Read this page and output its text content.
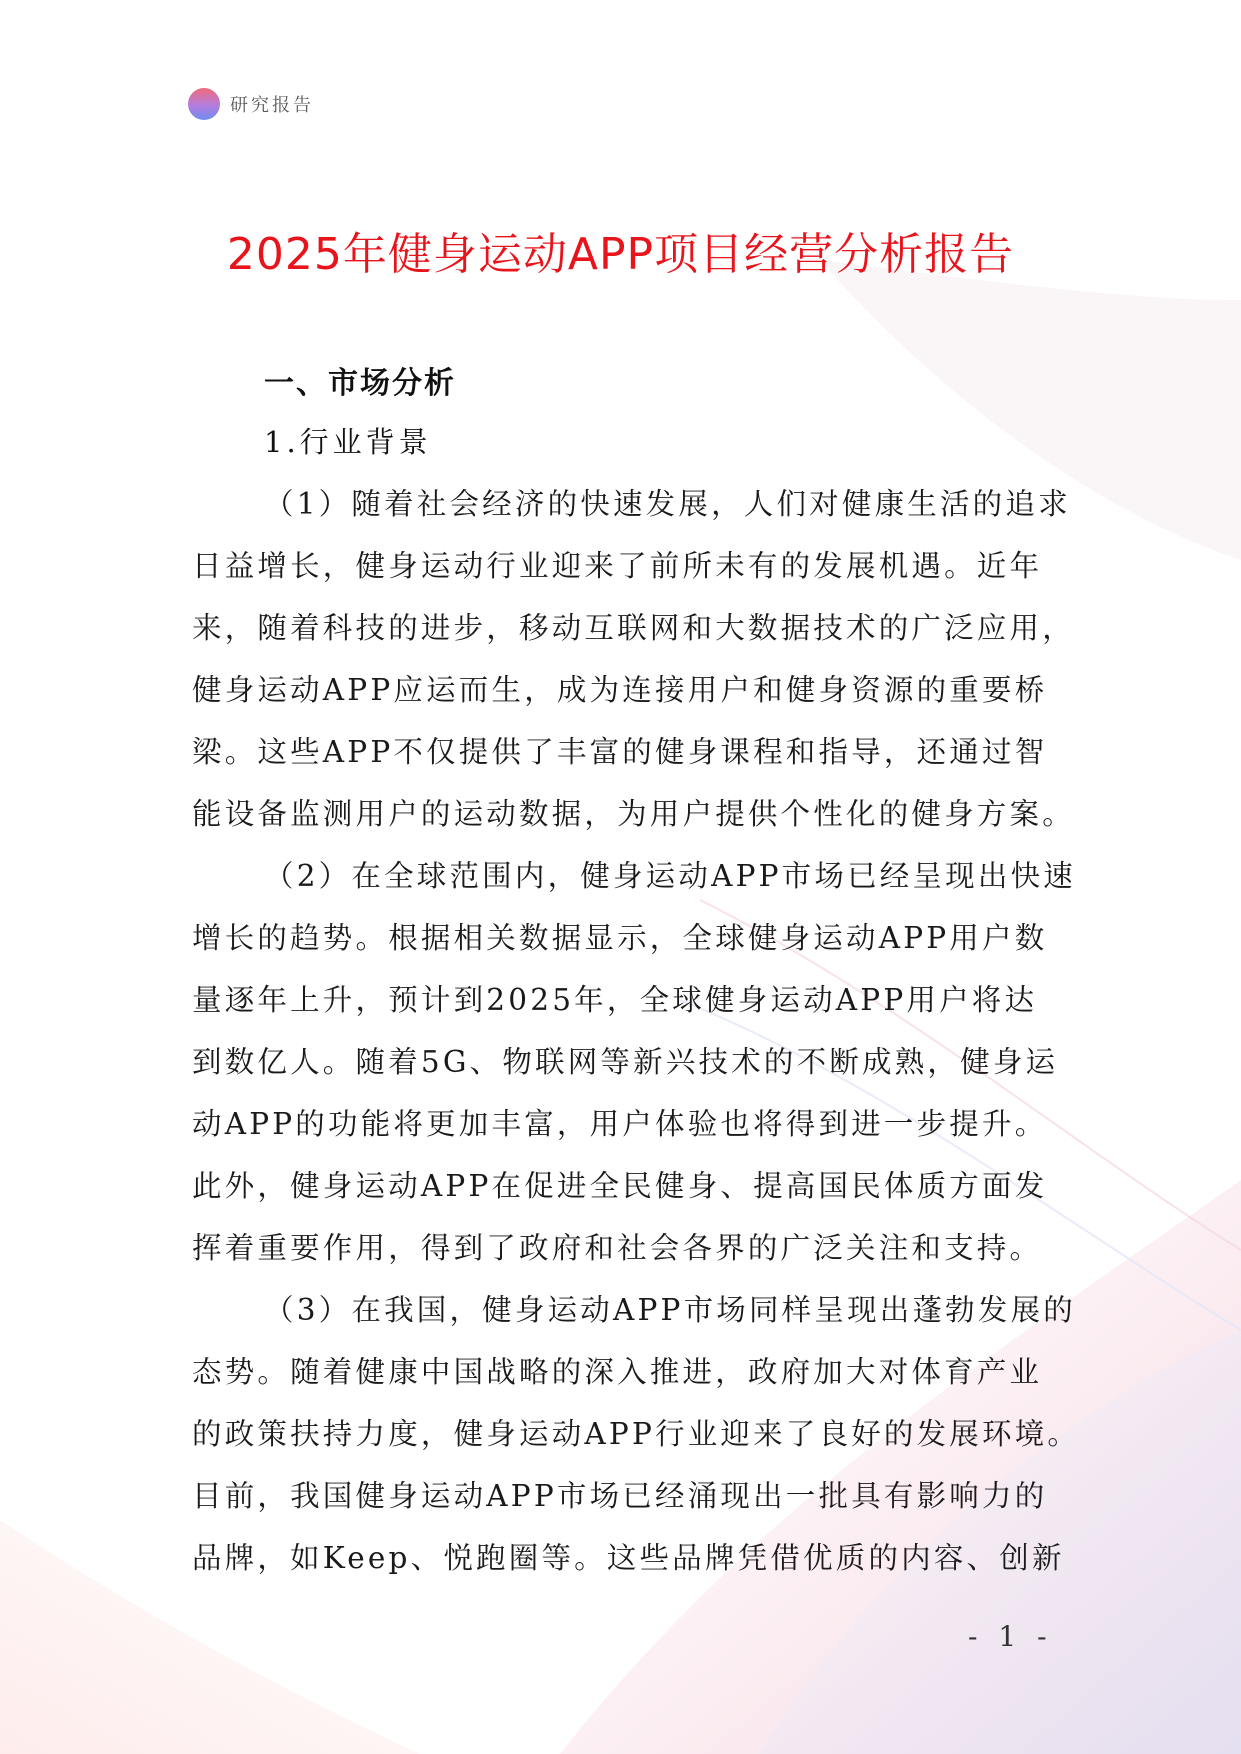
研究报告
2025年健身运动APP项目经营分析报告
一、市场分析
1.行业背景
（1）随着社会经济的快速发展，人们对健康生活的追求
日益增长，健身运动行业迎来了前所未有的发展机遇。近年
来，随着科技的进步，移动互联网和大数据技术的广泛应用，
健身运动APP应运而生，成为连接用户和健身资源的重要桥
梁。这些APP不仅提供了丰富的健身课程和指导，还通过智
能设备监测用户的运动数据，为用户提供个性化的健身方案。
（2）在全球范围内，健身运动APP市场已经呈现出快速
增长的趋势。根据相关数据显示，全球健身运动APP用户数
量逐年上升，预计到2025年，全球健身运动APP用户将达
到数亿人。随着5G、物联网等新兴技术的不断成熟，健身运
动APP的功能将更加丰富，用户体验也将得到进一步提升。
此外，健身运动APP在促进全民健身、提高国民体质方面发
挥着重要作用，得到了政府和社会各界的广泛关注和支持。
（3）在我国，健身运动APP市场同样呈现出蓬勃发展的
态势。随着健康中国战略的深入推进，政府加大对体育产业
的政策扶持力度，健身运动APP行业迎来了良好的发展环境。
目前，我国健身运动APP市场已经涌现出一批具有影响力的
品牌，如Keep、悦跑圈等。这些品牌凭借优质的内容、创新
- 1 -
